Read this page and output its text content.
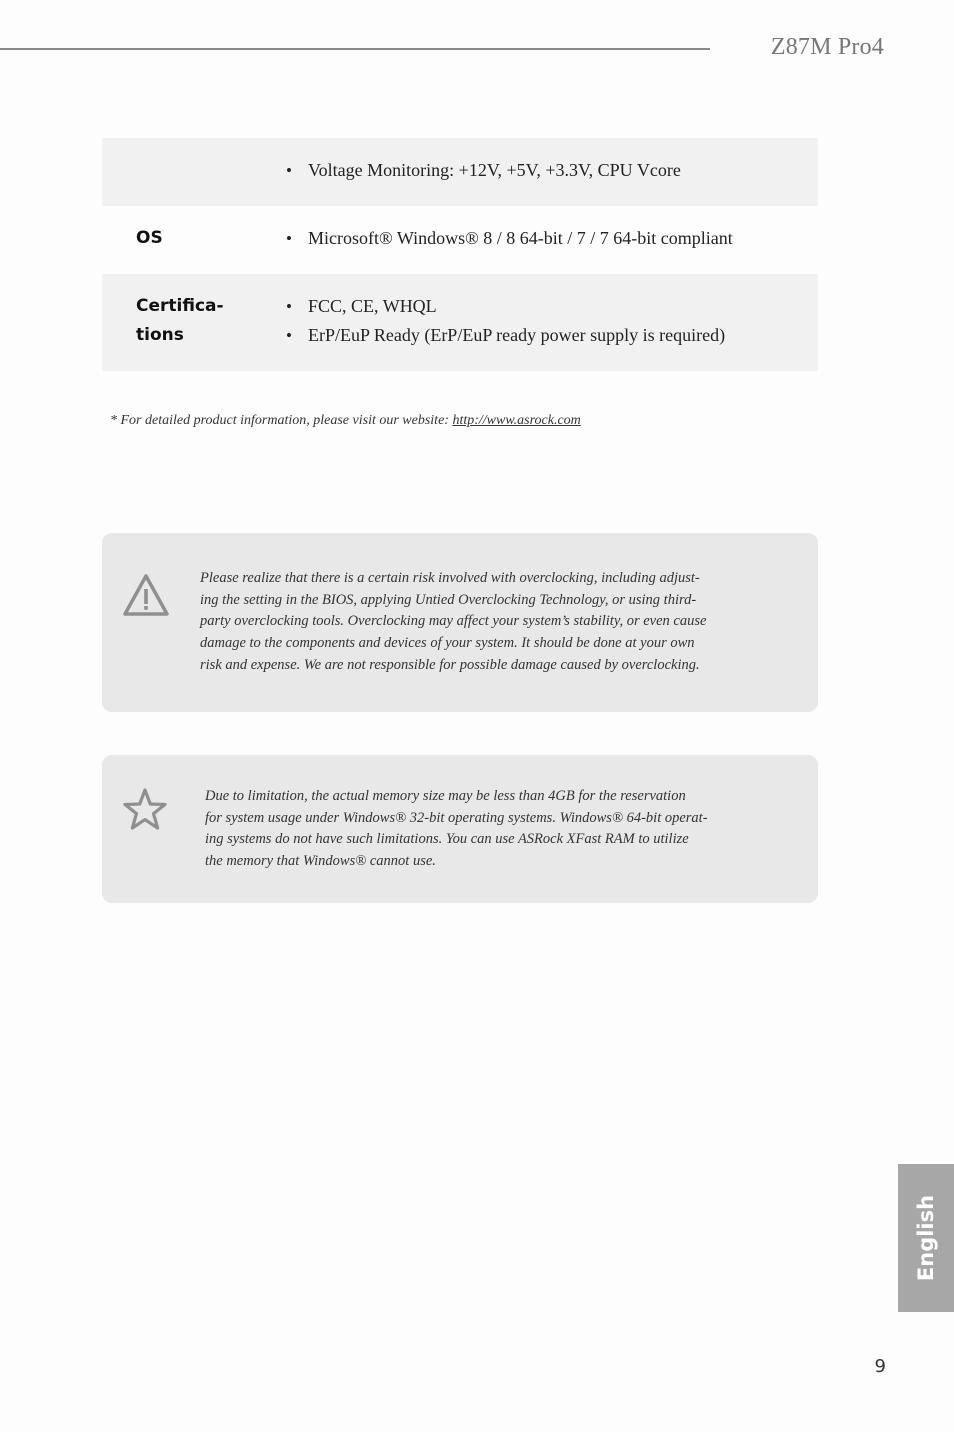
Z87M Pro4
• Voltage Monitoring: +12V, +5V, +3.3V, CPU Vcore
OS
•	Microsoft® Windows® 8 / 8 64-bit / 7 / 7 64-bit compliant
Certifica-
tions
• FCC, CE, WHQL
• ErP/EuP Ready (ErP/EuP ready power supply is required)
* For detailed product information, please visit our website: http://www.asrock.com
Please realize that there is a certain risk involved with overclocking, including adjust-
ing the setting in the BIOS, applying Untied Overclocking Technology, or using third-
party overclocking tools. Overclocking may affect your system’s stability, or even cause
damage to the components and devices of your system. It should be done at your own
risk and expense. We are not responsible for possible damage caused by overclocking.
Due to limitation, the actual memory size may be less than 4GB for the reservation
for system usage under Windows® 32-bit operating systems. Windows® 64-bit operat-
ing systems do not have such limitations. You can use ASRock XFast RAM to utilize
the memory that Windows® cannot use.
English
9
